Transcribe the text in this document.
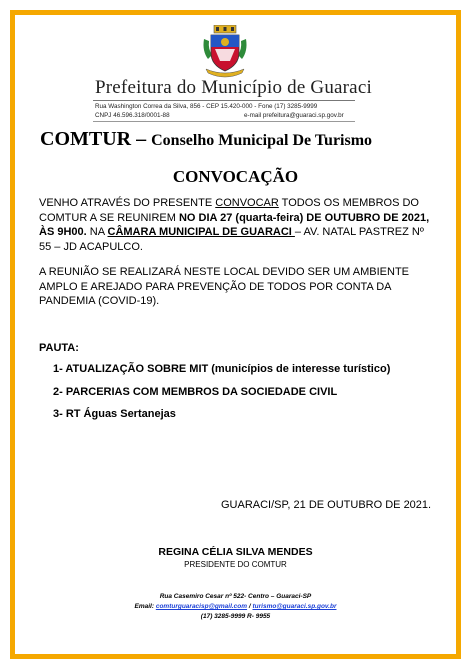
Prefeitura do Município de Guaraci
Rua Washington Correa da Silva, 856 - CEP 15.420-000 - Fone (17) 3285-9999
CNPJ 46.596.318/0001-88	e-mail prefeitura@guaraci.sp.gov.br
COMTUR – Conselho Municipal De Turismo
CONVOCAÇÃO
VENHO ATRAVÉS DO PRESENTE CONVOCAR TODOS OS MEMBROS DO COMTUR A SE REUNIREM NO DIA 27 (quarta-feira) DE OUTUBRO DE 2021, ÀS 9H00. NA CÂMARA MUNICIPAL DE GUARACI – AV. NATAL PASTREZ Nº 55 – JD ACAPULCO.
A REUNIÃO SE REALIZARÁ NESTE LOCAL DEVIDO SER UM AMBIENTE AMPLO E AREJADO PARA PREVENÇÃO DE TODOS POR CONTA DA PANDEMIA (COVID-19).
PAUTA:
1- ATUALIZAÇÃO SOBRE MIT (municípios de interesse turístico)
2- PARCERIAS COM MEMBROS DA SOCIEDADE CIVIL
3- RT Águas Sertanejas
GUARACI/SP, 21 DE OUTUBRO DE 2021.
REGINA CÉLIA SILVA MENDES
PRESIDENTE DO COMTUR
Rua Casemiro Cesar nº 522- Centro – Guaraci-SP
Email: comturguaracisp@gmail.com / turismo@guaraci.sp.gov.br
(17) 3285-9999 R- 9955
